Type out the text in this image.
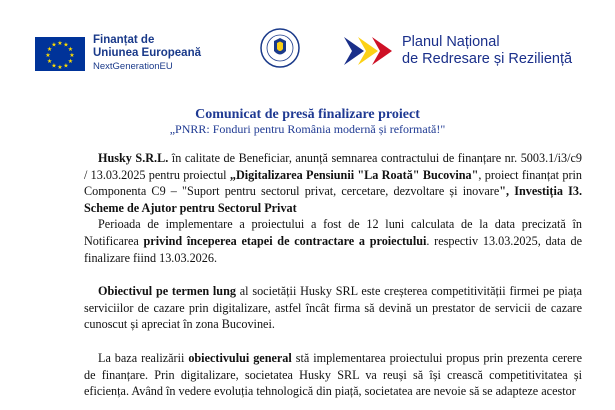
★ ★
★
★
★
★
★
★
★
★
★
★	Finanțat de
Uniunea Europeană
NextGenerationEU
Planul Național
de Redresare și Reziliență
Comunicat de presă finalizare proiect
„PNRR: Fonduri pentru România modernă și reformată!"

Husky S.R.L. în calitate de Beneficiar, anunță semnarea contractului de finanțare nr. 5003.1/i3/c9 / 13.03.2025 pentru proiectul „Digitalizarea Pensiunii "La Roată" Bucovina", proiect finanțat prin Componenta C9 – "Suport pentru sectorul privat, cercetare, dezvoltare și inovare", Investiția I3. Scheme de Ajutor pentru Sectorul Privat

Perioada de implementare a proiectului a fost de 12 luni calculata de la data precizată în Notificarea privind începerea etapei de contractare a proiectului. respectiv 13.03.2025, data de finalizare fiind 13.03.2026.

Obiectivul pe termen lung al societății Husky SRL este creșterea competitivității firmei pe piața serviciilor de cazare prin digitalizare, astfel încât firma să devină un prestator de servicii de cazare cunoscut și apreciat în zona Bucovinei.

La baza realizării obiectivului general stă implementarea proiectului propus prin prezenta cerere de finanțare. Prin digitalizare, societatea Husky SRL va reuși să își crească competitivitatea și eficiența. Având în vedere evoluția tehnologică din piață, societatea are nevoie să se adapteze acestor
